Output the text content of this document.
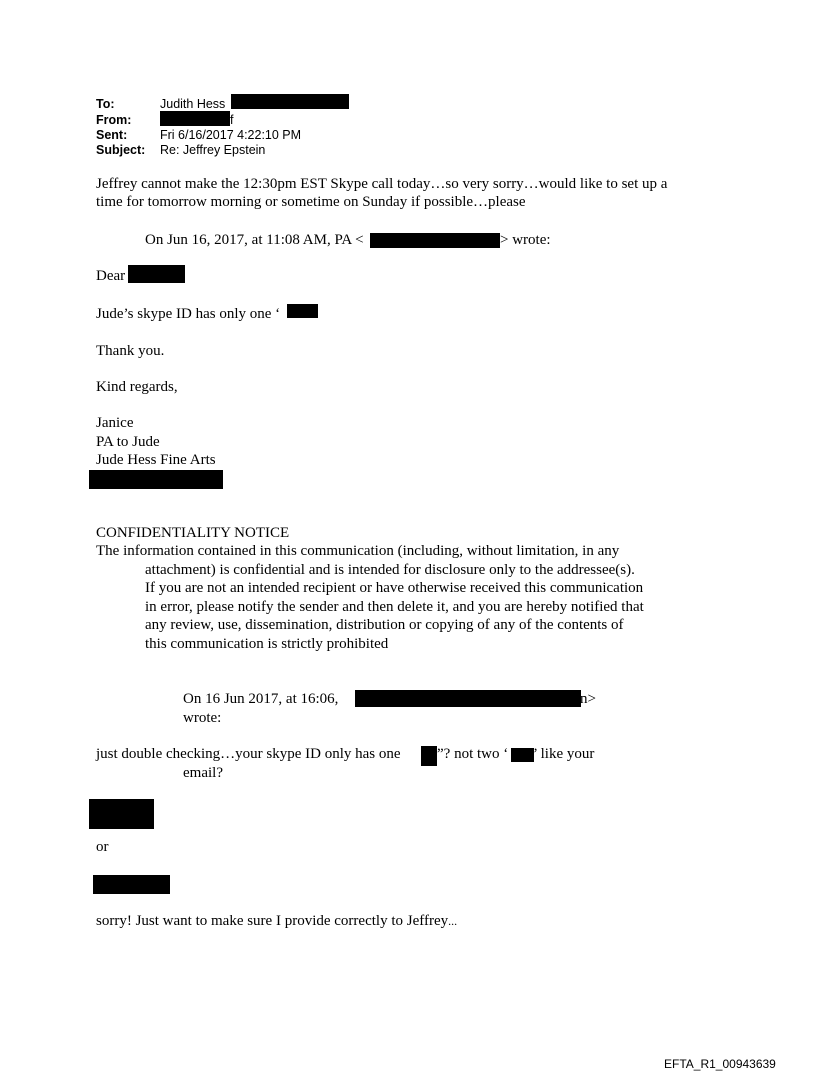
To:	Judith Hess
From:	f
Sent:	Fri 6/16/2017 4:22:10 PM
Subject: Re: Jeffrey Epstein
Jeffrey cannot make the 12:30pm EST Skype call today…so very sorry…would like to set up a
time for tomorrow morning or sometime on Sunday if possible…please
On Jun 16, 2017, at 11:08 AM, PA <	> wrote:
Dear
Jude’s skype ID has only one ‘
Thank you.
Kind regards,
Janice
PA to Jude
Jude Hess Fine Arts
CONFIDENTIALITY NOTICE
The information contained in this communication (including, without limitation, in any
attachment) is confidential and is intended for disclosure only to the addressee(s).
If you are not an intended recipient or have otherwise received this communication
in error, please notify the sender and then delete it, and you are hereby notified that
any review, use, dissemination, distribution or copying of any of the contents of
this communication is strictly prohibited
On 16 Jun 2017, at 16:06,	n>
wrote:
just double checking…your skype ID only has one ”? not two ‘ ’ like your
email?
or
sorry! Just want to make sure I provide correctly to Jeffrey...
EFTA_R1_00943639
